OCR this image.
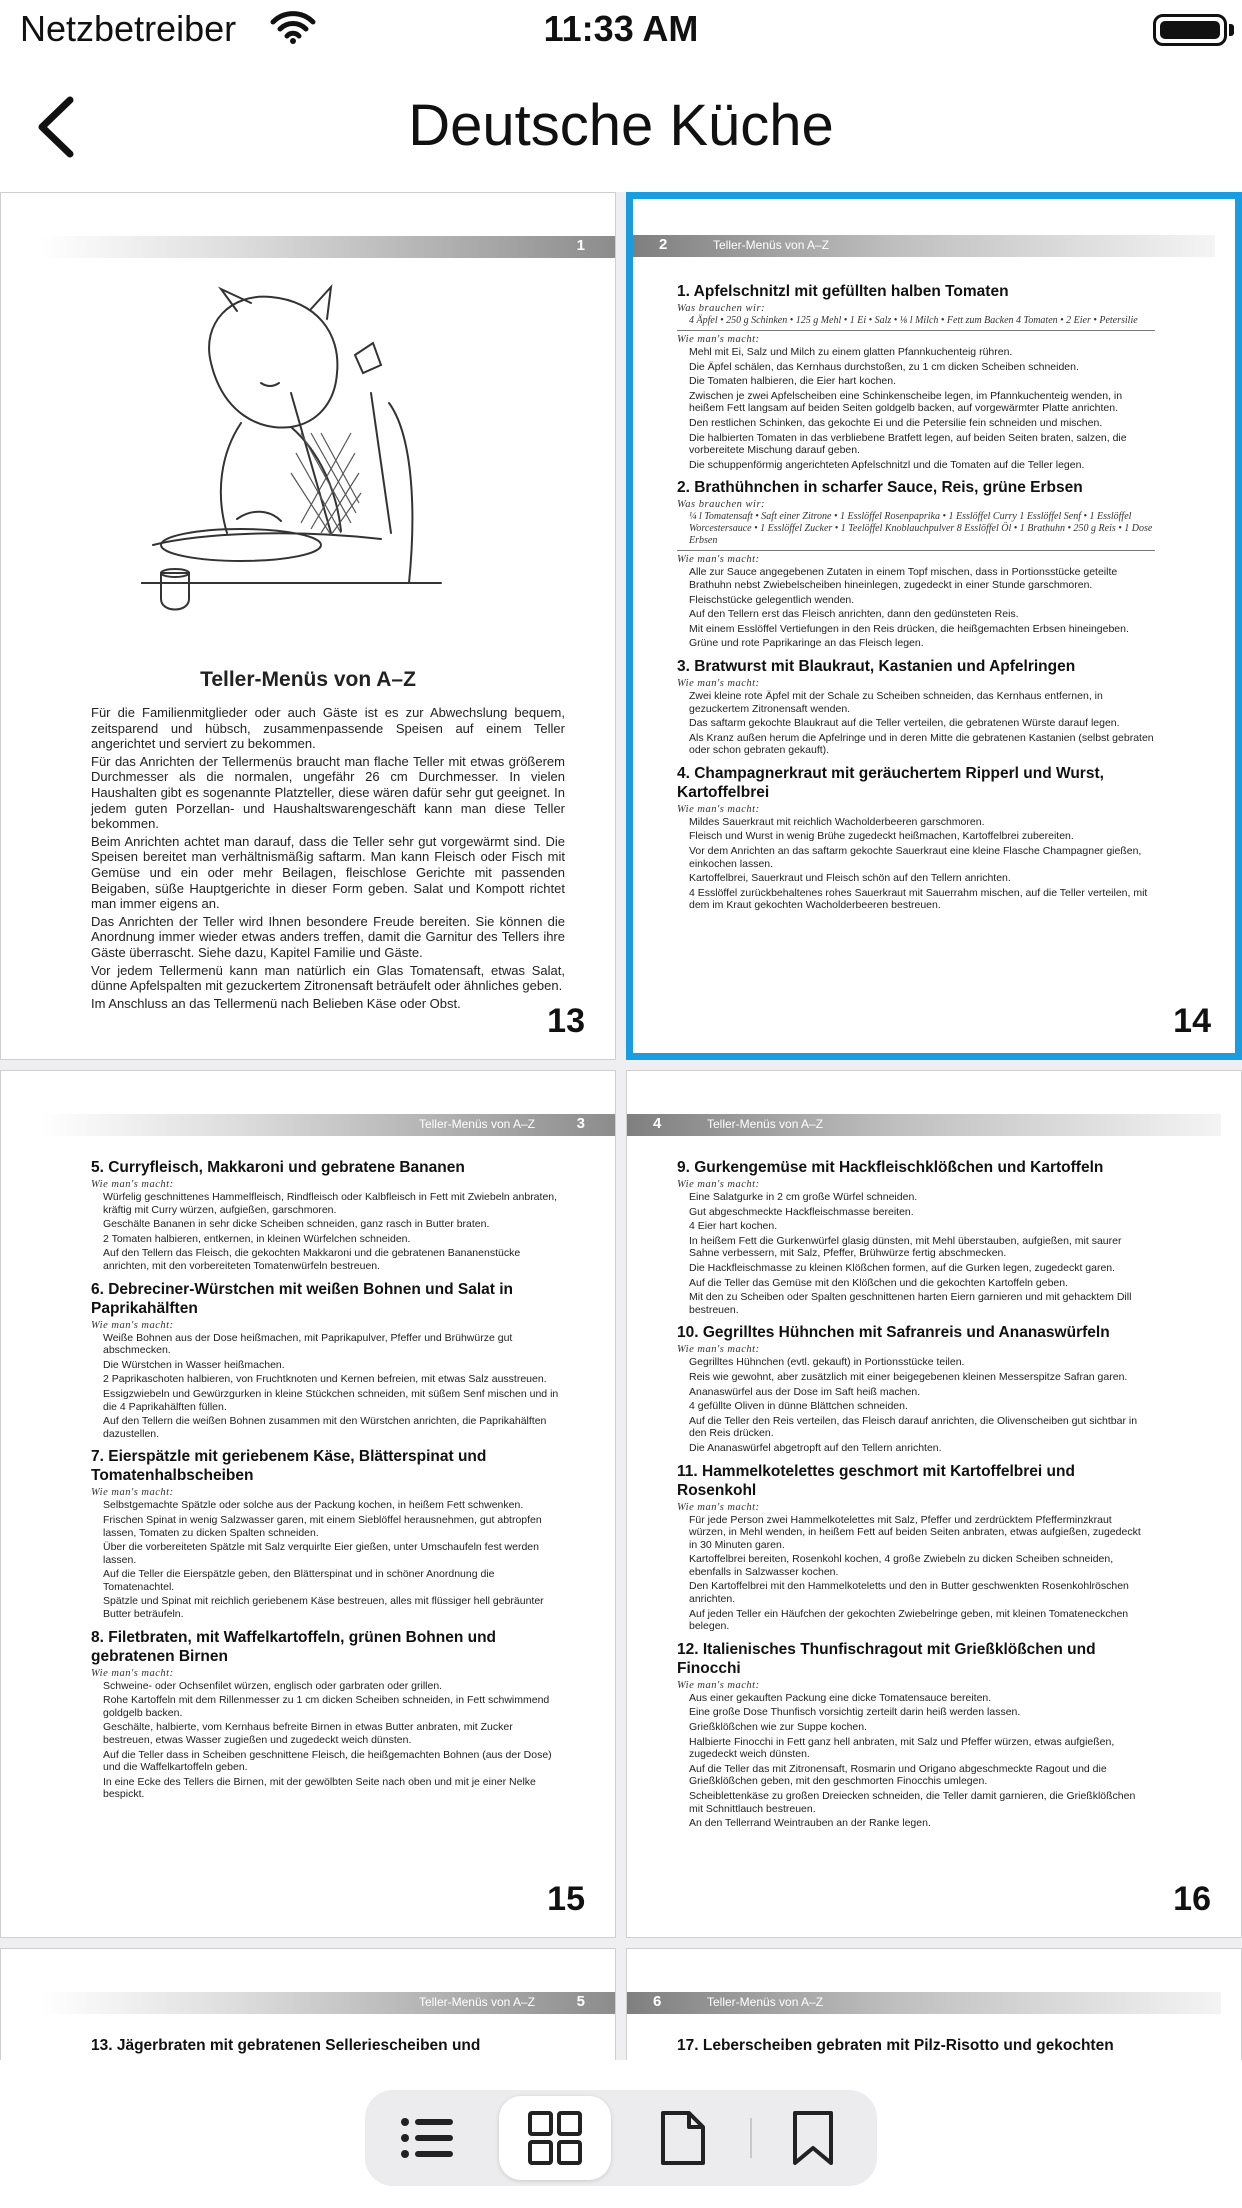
Netzbetreiber	11:33 AM
Deutsche Küche
1
Teller-Menüs von A–Z

Für die Familienmitglieder oder auch Gäste ist es zur Abwechslung bequem, zeitsparend und hübsch, zusammenpassende Speisen auf einem Teller angerichtet und serviert zu bekommen.

Für das Anrichten der Tellermenüs braucht man flache Teller mit etwas größerem Durchmesser als die normalen, ungefähr 26 cm Durchmesser. In vielen Haushalten gibt es sogenannte Platzteller, diese wären dafür sehr gut geeignet. In jedem guten Porzellan- und Haushaltswarengeschäft kann man diese Teller bekommen.

Beim Anrichten achtet man darauf, dass die Teller sehr gut vorgewärmt sind. Die Speisen bereitet man verhältnismäßig saftarm. Man kann Fleisch oder Fisch mit Gemüse und ein oder mehr Beilagen, fleischlose Gerichte mit passenden Beigaben, süße Hauptgerichte in dieser Form geben. Salat und Kompott richtet man immer eigens an.

Das Anrichten der Teller wird Ihnen besondere Freude bereiten. Sie können die Anordnung immer wieder etwas anders treffen, damit die Garnitur des Tellers ihre Gäste überrascht. Siehe dazu, Kapitel Familie und Gäste.

Vor jedem Tellermenü kann man natürlich ein Glas Tomatensaft, etwas Salat, dünne Apfelspalten mit gezuckertem Zitronensaft beträufelt oder ähnliches geben.

Im Anschluss an das Tellermenü nach Belieben Käse oder Obst.	13
2	Teller-Menüs von A–Z
1. Apfelschnitzl mit gefüllten halben Tomaten
Was brauchen wir:
4 Äpfel • 250 g Schinken • 125 g Mehl • 1 Ei • Salz • ⅛ l Milch • Fett zum Backen 4 Tomaten • 2 Eier • Petersilie
Wie man's macht:
Mehl mit Ei, Salz und Milch zu einem glatten Pfannkuchenteig rühren.
Die Äpfel schälen, das Kernhaus durchstoßen, zu 1 cm dicken Scheiben schneiden.
Die Tomaten halbieren, die Eier hart kochen.
Zwischen je zwei Apfelscheiben eine Schinkenscheibe legen, im Pfannkuchenteig wenden, in heißem Fett langsam auf beiden Seiten goldgelb backen, auf vorgewärmter Platte anrichten.
Den restlichen Schinken, das gekochte Ei und die Petersilie fein schneiden und mischen.
Die halbierten Tomaten in das verbliebene Bratfett legen, auf beiden Seiten braten, salzen, die vorbereitete Mischung darauf geben.
Die schuppenförmig angerichteten Apfelschnitzl und die Tomaten auf die Teller legen.
2. Brathühnchen in scharfer Sauce, Reis, grüne Erbsen
Was brauchen wir:
¼ l Tomatensaft • Saft einer Zitrone • 1 Esslöffel Rosenpaprika • 1 Esslöffel Curry 1 Esslöffel Senf • 1 Esslöffel Worcestersauce • 1 Esslöffel Zucker • 1 Teelöffel Knoblauchpulver 8 Esslöffel Öl • 1 Brathuhn • 250 g Reis • 1 Dose Erbsen
Wie man's macht:
Alle zur Sauce angegebenen Zutaten in einem Topf mischen, dass in Portionsstücke geteilte Brathuhn nebst Zwiebelscheiben hineinlegen, zugedeckt in einer Stunde garschmoren.
Fleischstücke gelegentlich wenden.
Auf den Tellern erst das Fleisch anrichten, dann den gedünsteten Reis.
Mit einem Esslöffel Vertiefungen in den Reis drücken, die heißgemachten Erbsen hineingeben.
Grüne und rote Paprikaringe an das Fleisch legen.
3. Bratwurst mit Blaukraut, Kastanien und Apfelringen
Wie man's macht:
Zwei kleine rote Äpfel mit der Schale zu Scheiben schneiden, das Kernhaus entfernen, in gezuckertem Zitronensaft wenden.
Das saftarm gekochte Blaukraut auf die Teller verteilen, die gebratenen Würste darauf legen.
Als Kranz außen herum die Apfelringe und in deren Mitte die gebratenen Kastanien (selbst gebraten oder schon gebraten gekauft).
4. Champagnerkraut mit geräuchertem Ripperl und Wurst, Kartoffelbrei
Wie man's macht:
Mildes Sauerkraut mit reichlich Wacholderbeeren garschmoren.
Fleisch und Wurst in wenig Brühe zugedeckt heißmachen, Kartoffelbrei zubereiten.
Vor dem Anrichten an das saftarm gekochte Sauerkraut eine kleine Flasche Champagner gießen, einkochen lassen.
Kartoffelbrei, Sauerkraut und Fleisch schön auf den Tellern anrichten.
4 Esslöffel zurückbehaltenes rohes Sauerkraut mit Sauerrahm mischen, auf die Teller verteilen, mit dem im Kraut gekochten Wacholderbeeren bestreuen.
14
Teller-Menüs von A–Z	3
5. Curryfleisch, Makkaroni und gebratene Bananen
Wie man's macht:
Würfelig geschnittenes Hammelfleisch, Rindfleisch oder Kalbfleisch in Fett mit Zwiebeln anbraten, kräftig mit Curry würzen, aufgießen, garschmoren.
Geschälte Bananen in sehr dicke Scheiben schneiden, ganz rasch in Butter braten.
2 Tomaten halbieren, entkernen, in kleinen Würfelchen schneiden.
Auf den Tellern das Fleisch, die gekochten Makkaroni und die gebratenen Bananenstücke anrichten, mit den vorbereiteten Tomatenwürfeln bestreuen.
6. Debreciner-Würstchen mit weißen Bohnen und Salat in Paprikahälften
Wie man's macht:
Weiße Bohnen aus der Dose heißmachen, mit Paprikapulver, Pfeffer und Brühwürze gut abschmecken.
Die Würstchen in Wasser heißmachen.
2 Paprikaschoten halbieren, von Fruchtknoten und Kernen befreien, mit etwas Salz ausstreuen.
Essigzwiebeln und Gewürzgurken in kleine Stückchen schneiden, mit süßem Senf mischen und in die 4 Paprikahälften füllen.
Auf den Tellern die weißen Bohnen zusammen mit den Würstchen anrichten, die Paprikahälften dazustellen.
7. Eierspätzle mit geriebenem Käse, Blätterspinat und Tomatenhalbscheiben
Wie man's macht:
Selbstgemachte Spätzle oder solche aus der Packung kochen, in heißem Fett schwenken.
Frischen Spinat in wenig Salzwasser garen, mit einem Sieblöffel herausnehmen, gut abtropfen lassen, Tomaten zu dicken Spalten schneiden.
Über die vorbereiteten Spätzle mit Salz verquirlte Eier gießen, unter Umschaufeln fest werden lassen.
Auf die Teller die Eierspätzle geben, den Blätterspinat und in schöner Anordnung die Tomatenachtel.
Spätzle und Spinat mit reichlich geriebenem Käse bestreuen, alles mit flüssiger hell gebräunter Butter beträufeln.
8. Filetbraten, mit Waffelkartoffeln, grünen Bohnen und gebratenen Birnen
Wie man's macht:
Schweine- oder Ochsenfilet würzen, englisch oder garbraten oder grillen.
Rohe Kartoffeln mit dem Rillenmesser zu 1 cm dicken Scheiben schneiden, in Fett schwimmend goldgelb backen.
Geschälte, halbierte, vom Kernhaus befreite Birnen in etwas Butter anbraten, mit Zucker bestreuen, etwas Wasser zugießen und zugedeckt weich dünsten.
Auf die Teller dass in Scheiben geschnittene Fleisch, die heißgemachten Bohnen (aus der Dose) und die Waffelkartoffeln geben.
In eine Ecke des Tellers die Birnen, mit der gewölbten Seite nach oben und mit je einer Nelke bespickt.
15
4	Teller-Menüs von A–Z
9. Gurkengemüse mit Hackfleischklößchen und Kartoffeln
Wie man's macht:
Eine Salatgurke in 2 cm große Würfel schneiden.
Gut abgeschmeckte Hackfleischmasse bereiten.
4 Eier hart kochen.
In heißem Fett die Gurkenwürfel glasig dünsten, mit Mehl überstauben, aufgießen, mit saurer Sahne verbessern, mit Salz, Pfeffer, Brühwürze fertig abschmecken.
Die Hackfleischmasse zu kleinen Klößchen formen, auf die Gurken legen, zugedeckt garen.
Auf die Teller das Gemüse mit den Klößchen und die gekochten Kartoffeln geben.
Mit den zu Scheiben oder Spalten geschnittenen harten Eiern garnieren und mit gehacktem Dill bestreuen.
10. Gegrilltes Hühnchen mit Safranreis und Ananaswürfeln
Wie man's macht:
Gegrilltes Hühnchen (evtl. gekauft) in Portionsstücke teilen.
Reis wie gewohnt, aber zusätzlich mit einer beigegebenen kleinen Messerspitze Safran garen.
Ananaswürfel aus der Dose im Saft heiß machen.
4 gefüllte Oliven in dünne Blättchen schneiden.
Auf die Teller den Reis verteilen, das Fleisch darauf anrichten, die Olivenscheiben gut sichtbar in den Reis drücken.
Die Ananaswürfel abgetropft auf den Tellern anrichten.
11. Hammelkotelettes geschmort mit Kartoffelbrei und Rosenkohl
Wie man's macht:
Für jede Person zwei Hammelkotelettes mit Salz, Pfeffer und zerdrücktem Pfefferminzkraut würzen, in Mehl wenden, in heißem Fett auf beiden Seiten anbraten, etwas aufgießen, zugedeckt in 30 Minuten garen.
Kartoffelbrei bereiten, Rosenkohl kochen, 4 große Zwiebeln zu dicken Scheiben schneiden, ebenfalls in Salzwasser kochen.
Den Kartoffelbrei mit den Hammelkoteletts und den in Butter geschwenkten Rosenkohlröschen anrichten.
Auf jeden Teller ein Häufchen der gekochten Zwiebelringe geben, mit kleinen Tomateneckchen belegen.
12. Italienisches Thunfischragout mit Grießklößchen und Finocchi
Wie man's macht:
Aus einer gekauften Packung eine dicke Tomatensauce bereiten.
Eine große Dose Thunfisch vorsichtig zerteilt darin heiß werden lassen.
Grießklößchen wie zur Suppe kochen.
Halbierte Finocchi in Fett ganz hell anbraten, mit Salz und Pfeffer würzen, etwas aufgießen, zugedeckt weich dünsten.
Auf die Teller das mit Zitronensaft, Rosmarin und Origano abgeschmeckte Ragout und die Grießklößchen geben, mit den geschmorten Finocchis umlegen.
Scheiblettenkäse zu großen Dreiecken schneiden, die Teller damit garnieren, die Grießklößchen mit Schnittlauch bestreuen.
An den Tellerrand Weintrauben an der Ranke legen.
16
Teller-Menüs von A–Z	5
13. Jägerbraten mit gebratenen Selleriescheiben und
6	Teller-Menüs von A–Z
17. Leberscheiben gebraten mit Pilz-Risotto und gekochten
